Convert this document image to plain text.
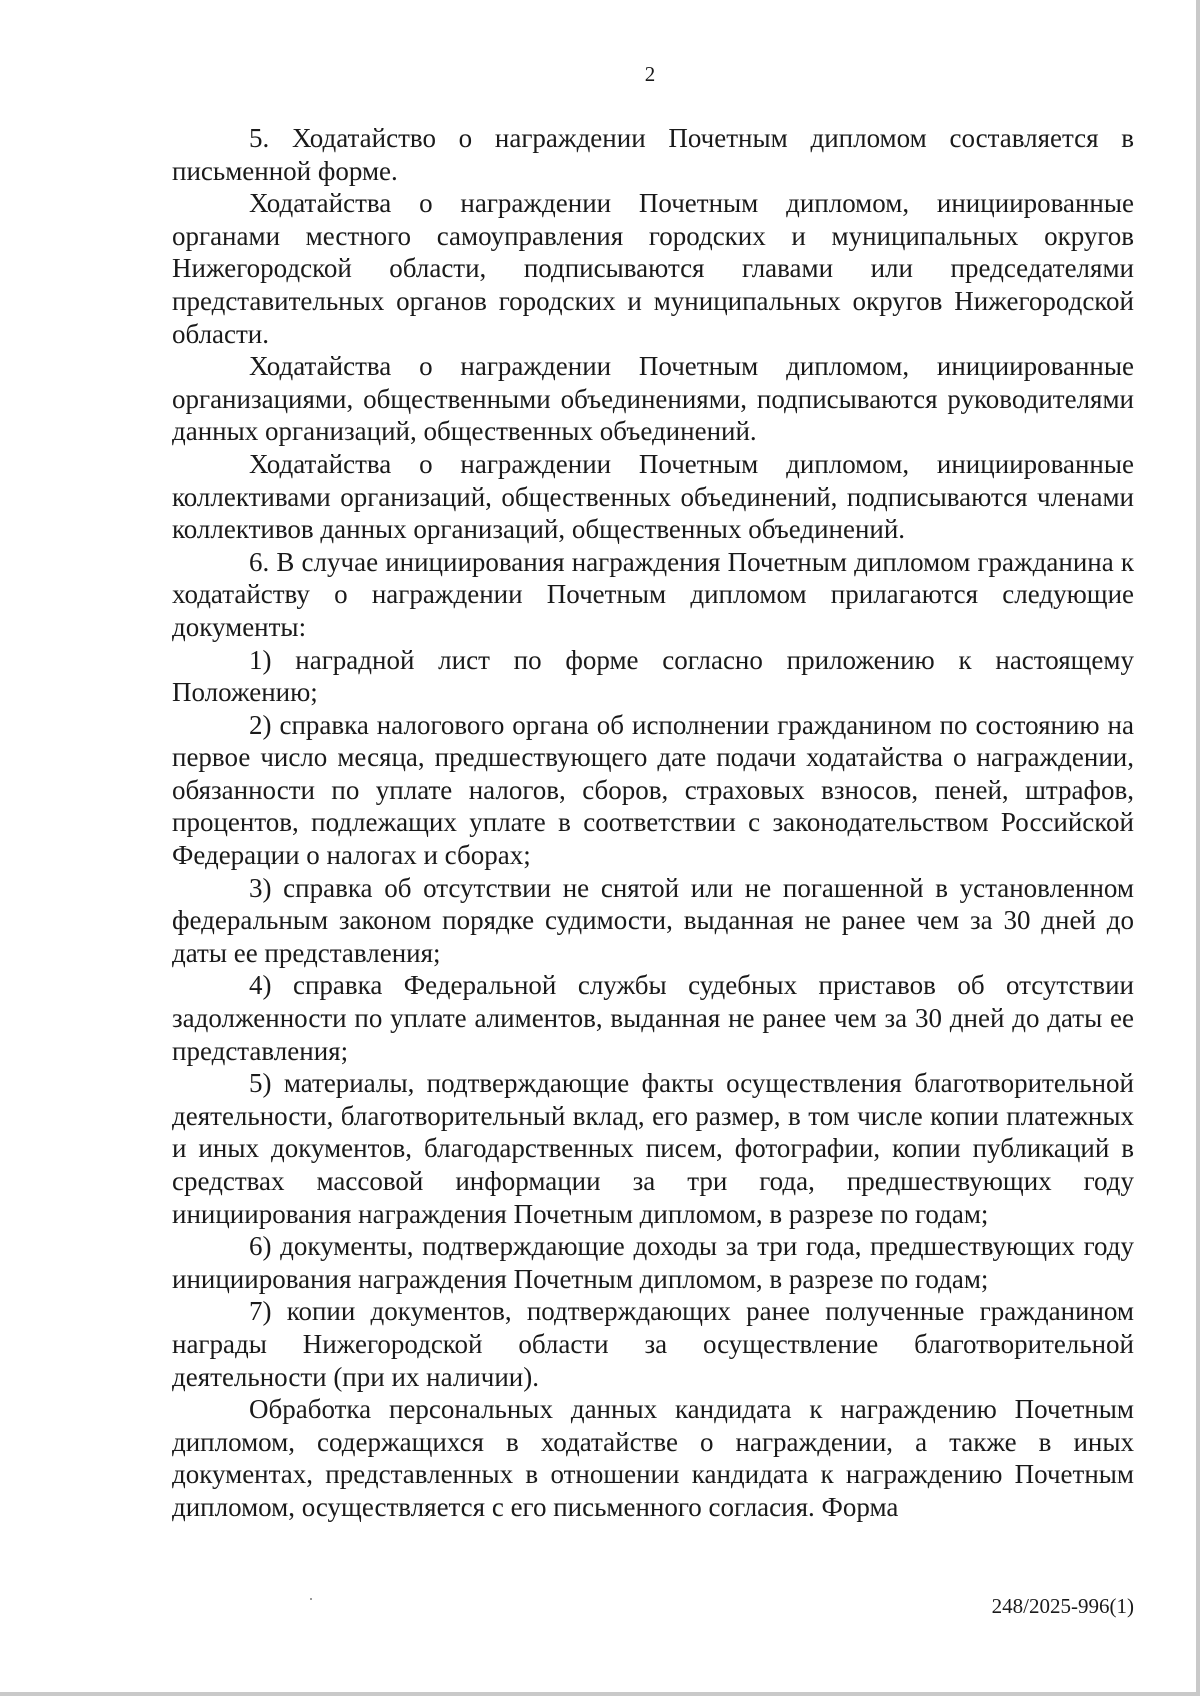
2

5. Ходатайство о награждении Почетным дипломом составляется в письменной форме.

Ходатайства о награждении Почетным дипломом, инициированные органами местного самоуправления городских и муниципальных округов Нижегородской области, подписываются главами или председателями представительных органов городских и муниципальных округов Нижегородской области.

Ходатайства о награждении Почетным дипломом, инициированные организациями, общественными объединениями, подписываются руководителями данных организаций, общественных объединений.

Ходатайства о награждении Почетным дипломом, инициированные коллективами организаций, общественных объединений, подписываются членами коллективов данных организаций, общественных объединений.

6. В случае инициирования награждения Почетным дипломом гражданина к ходатайству о награждении Почетным дипломом прилагаются следующие документы:

1) наградной лист по форме согласно приложению к настоящему Положению;

2) справка налогового органа об исполнении гражданином по состоянию на первое число месяца, предшествующего дате подачи ходатайства о награждении, обязанности по уплате налогов, сборов, страховых взносов, пеней, штрафов, процентов, подлежащих уплате в соответствии с законодательством Российской Федерации о налогах и сборах;

3) справка об отсутствии не снятой или не погашенной в установленном федеральным законом порядке судимости, выданная не ранее чем за 30 дней до даты ее представления;

4) справка Федеральной службы судебных приставов об отсутствии задолженности по уплате алиментов, выданная не ранее чем за 30 дней до даты ее представления;

5) материалы, подтверждающие факты осуществления благотворительной деятельности, благотворительный вклад, его размер, в том числе копии платежных и иных документов, благодарственных писем, фотографии, копии публикаций в средствах массовой информации за три года, предшествующих году инициирования награждения Почетным дипломом, в разрезе по годам;

6) документы, подтверждающие доходы за три года, предшествующих году инициирования награждения Почетным дипломом, в разрезе по годам;

7) копии документов, подтверждающих ранее полученные гражданином награды Нижегородской области за осуществление благотворительной деятельности (при их наличии).

Обработка персональных данных кандидата к награждению Почетным дипломом, содержащихся в ходатайстве о награждении, а также в иных документах, представленных в отношении кандидата к награждению Почетным дипломом, осуществляется с его письменного согласия. Форма

248/2025-996(1)
